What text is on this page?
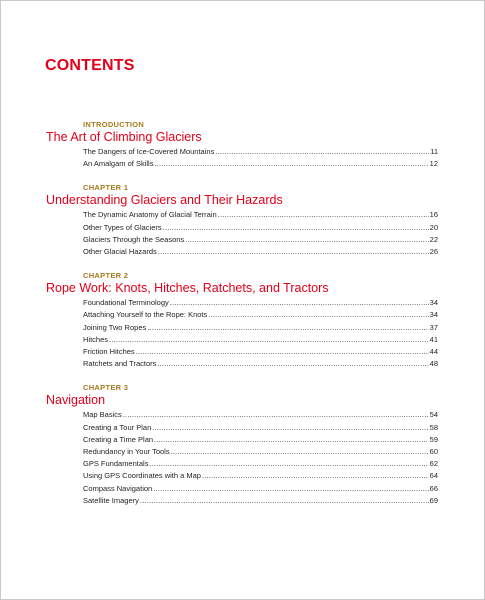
CONTENTS
INTRODUCTION
The Art of Climbing Glaciers
The Dangers of Ice-Covered Mountains .....	11
An Amalgam of Skills .....	12
CHAPTER 1
Understanding Glaciers and Their Hazards
The Dynamic Anatomy of Glacial Terrain .....	16
Other Types of Glaciers .....	20
Glaciers Through the Seasons .....	22
Other Glacial Hazards .....	26
CHAPTER 2
Rope Work: Knots, Hitches, Ratchets, and Tractors
Foundational Terminology .....	34
Attaching Yourself to the Rope: Knots .....	34
Joining Two Ropes .....	37
Hitches .....	41
Friction Hitches .....	44
Ratchets and Tractors .....	48
CHAPTER 3
Navigation
Map Basics .....	54
Creating a Tour Plan .....	58
Creating a Time Plan .....	59
Redundancy in Your Tools .....	60
GPS Fundamentals .....	62
Using GPS Coordinates with a Map .....	64
Compass Navigation .....	66
Satellite Imagery .....	69
